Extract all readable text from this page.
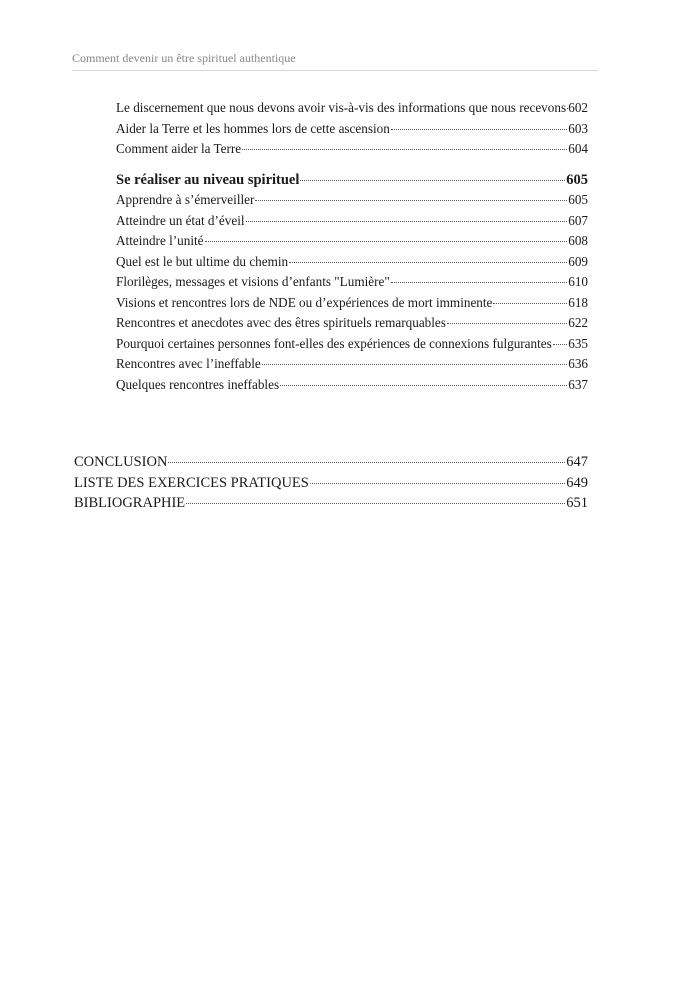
Comment devenir un être spirituel authentique
Le discernement que nous devons avoir vis-à-vis des informations que nous recevons 602
Aider la Terre et les hommes lors de cette ascension	603
Comment aider la Terre	604
Se réaliser au niveau spirituel	605
Apprendre à s’émerveiller	605
Atteindre un état d’éveil	607
Atteindre l’unité	608
Quel est le but ultime du chemin	609
Florilèges, messages et visions d’enfants "Lumière"	610
Visions et rencontres lors de NDE ou d’expériences de mort imminente	618
Rencontres et anecdotes avec des êtres spirituels remarquables	622
Pourquoi certaines personnes font-elles des expériences de connexions fulgurantes 635
Rencontres avec l’ineffable	636
Quelques rencontres ineffables	637
CONCLUSION	647
LISTE DES EXERCICES PRATIQUES	649
BIBLIOGRAPHIE	651
